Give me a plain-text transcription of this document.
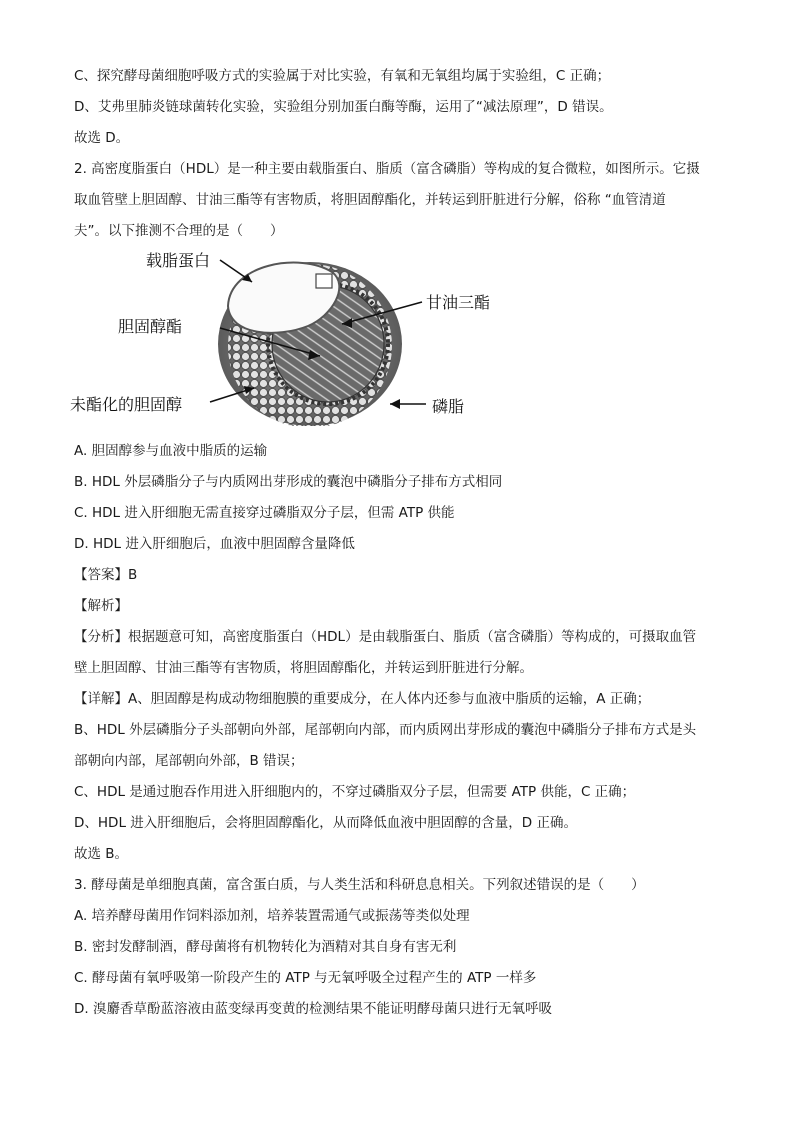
C、探究酵母菌细胞呼吸方式的实验属于对比实验，有氧和无氧组均属于实验组，C 正确；
D、艾弗里肺炎链球菌转化实验，实验组分别加蛋白酶等酶，运用了“减法原理”，D 错误。
故选 D。
2. 高密度脂蛋白（HDL）是一种主要由载脂蛋白、脂质（富含磷脂）等构成的复合微粒，如图所示。它摄
取血管壁上胆固醇、甘油三酯等有害物质，将胆固醇酯化，并转运到肝脏进行分解，俗称 “血管清道
夫”。以下推测不合理的是（　　）
载脂蛋白
甘油三酯
胆固醇酯
未酯化的胆固醇	磷脂
A. 胆固醇参与血液中脂质的运输
B. HDL 外层磷脂分子与内质网出芽形成的囊泡中磷脂分子排布方式相同
C. HDL 进入肝细胞无需直接穿过磷脂双分子层，但需 ATP 供能
D. HDL 进入肝细胞后，血液中胆固醇含量降低
【答案】B
【解析】
【分析】根据题意可知，高密度脂蛋白（HDL）是由载脂蛋白、脂质（富含磷脂）等构成的，可摄取血管
壁上胆固醇、甘油三酯等有害物质，将胆固醇酯化，并转运到肝脏进行分解。
【详解】A、胆固醇是构成动物细胞膜的重要成分，在人体内还参与血液中脂质的运输，A 正确；
B、HDL 外层磷脂分子头部朝向外部，尾部朝向内部，而内质网出芽形成的囊泡中磷脂分子排布方式是头
部朝向内部，尾部朝向外部，B 错误；
C、HDL 是通过胞吞作用进入肝细胞内的，不穿过磷脂双分子层，但需要 ATP 供能，C 正确；
D、HDL 进入肝细胞后，会将胆固醇酯化，从而降低血液中胆固醇的含量，D 正确。
故选 B。
3. 酵母菌是单细胞真菌，富含蛋白质，与人类生活和科研息息相关。下列叙述错误的是（　　）
A. 培养酵母菌用作饲料添加剂，培养装置需通气或振荡等类似处理
B. 密封发酵制酒，酵母菌将有机物转化为酒精对其自身有害无利
C. 酵母菌有氧呼吸第一阶段产生的 ATP 与无氧呼吸全过程产生的 ATP 一样多
D. 溴麝香草酚蓝溶液由蓝变绿再变黄的检测结果不能证明酵母菌只进行无氧呼吸
